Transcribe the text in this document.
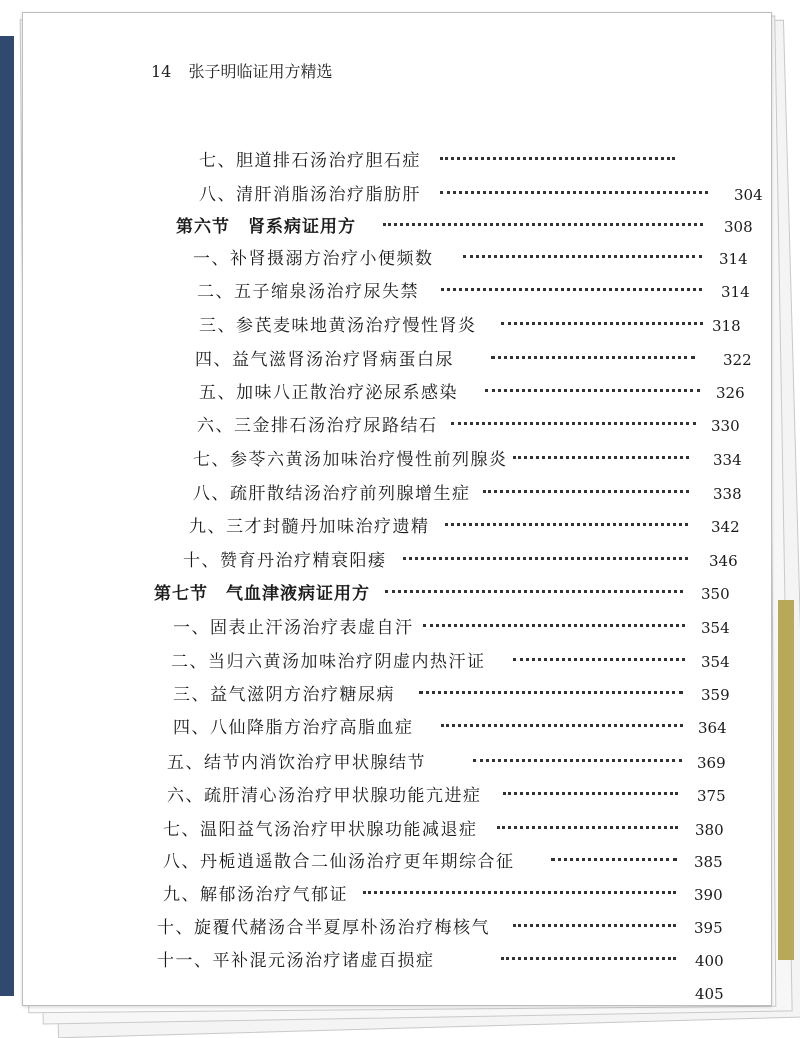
14 张子明临证用方精选
七、胆道排石汤治疗胆石症
八、清肝消脂汤治疗脂肪肝	304
第六节　肾系病证用方	308
一、补肾摄溺方治疗小便频数	314
二、五子缩泉汤治疗尿失禁	314
三、参芪麦味地黄汤治疗慢性肾炎	318
四、益气滋肾汤治疗肾病蛋白尿	322
五、加味八正散治疗泌尿系感染	326
六、三金排石汤治疗尿路结石	330
七、参苓六黄汤加味治疗慢性前列腺炎	334
八、疏肝散结汤治疗前列腺增生症	338
九、三才封髓丹加味治疗遗精	342
十、赞育丹治疗精衰阳痿	346
第七节　气血津液病证用方	350
一、固表止汗汤治疗表虚自汗	354
二、当归六黄汤加味治疗阴虚内热汗证	354
三、益气滋阴方治疗糖尿病	359
四、八仙降脂方治疗高脂血症	364
五、结节内消饮治疗甲状腺结节	369
六、疏肝清心汤治疗甲状腺功能亢进症	375
七、温阳益气汤治疗甲状腺功能减退症	380
八、丹栀逍遥散合二仙汤治疗更年期综合征	385
九、解郁汤治疗气郁证	390
十、旋覆代赭汤合半夏厚朴汤治疗梅核气	395
十一、平补混元汤治疗诸虚百损症	400
405
